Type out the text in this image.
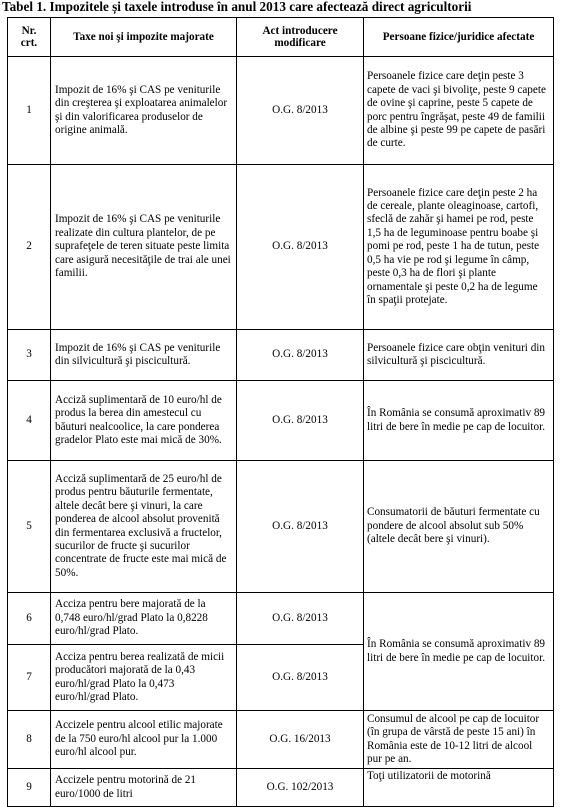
Tabel 1. Impozitele și taxele introduse în anul 2013 care afectează direct agricultorii
Nr. crt.	Taxe noi şi impozite majorate	Act introducere modificare	Persoane fizice/juridice afectate
1	Impozit de 16% şi CAS pe veniturile din creşterea şi exploatarea animalelor şi din valorificarea produselor de origine animală.	O.G. 8/2013	Persoanele fizice care deţin peste 3 capete de vaci şi bivoliţe, peste 9 capete de ovine şi caprine, peste 5 capete de porc pentru îngrăşat, peste 49 de familii de albine şi peste 99 pe capete de pasări de curte.
2	Impozit de 16% şi CAS pe veniturile realizate din cultura plantelor, de pe suprafeţele de teren situate peste limita care asigură necesităţile de trai ale unei familii.	O.G. 8/2013	Persoanele fizice care deţin peste 2 ha de cereale, plante oleaginoase, cartofi, sfeclă de zahăr şi hamei pe rod, peste 1,5 ha de leguminoase pentru boabe şi pomi pe rod, peste 1 ha de tutun, peste 0,5 ha vie pe rod şi legume în câmp, peste 0,3 ha de flori şi plante ornamentale şi peste 0,2 ha de legume în spaţii protejate.
3	Impozit de 16% şi CAS pe veniturile din silvicultură şi piscicultură.	O.G. 8/2013	Persoanele fizice care obţin venituri din silvicultură şi piscicultură.
4	Acciză suplimentară de 10 euro/hl de produs la berea din amestecul cu băuturi nealcoolice, la care ponderea gradelor Plato este mai mică de 30%.	O.G. 8/2013	În România se consumă aproximativ 89 litri de bere în medie pe cap de locuitor.
5	Acciză suplimentară de 25 euro/hl de produs pentru băuturile fermentate, altele decât bere şi vinuri, la care ponderea de alcool absolut provenită din fermentarea exclusivă a fructelor, sucurilor de fructe şi sucurilor concentrate de fructe este mai mică de 50%.	O.G. 8/2013	Consumatorii de băuturi fermentate cu pondere de alcool absolut sub 50% (altele decât bere şi vinuri).
6	Acciza pentru bere majorată de la 0,748 euro/hl/grad Plato la 0,8228 euro/hl/grad Plato.	O.G. 8/2013	În România se consumă aproximativ 89 litri de bere în medie pe cap de locuitor.
7	Acciza pentru berea realizată de micii producători majorată de la 0,43 euro/hl/grad Plato la 0,473 euro/hl/grad Plato.	O.G. 8/2013	
8	Accizele pentru alcool etilic majorate de la 750 euro/hl alcool pur la 1.000 euro/hl alcool pur.	O.G. 16/2013	Consumul de alcool pe cap de locuitor (în grupa de vârstă de peste 15 ani) în România este de 10-12 litri de alcool pur pe an.
9	Accizele pentru motorină de 21 euro/1000 de litri	O.G. 102/2013	Toţi utilizatorii de motorină
